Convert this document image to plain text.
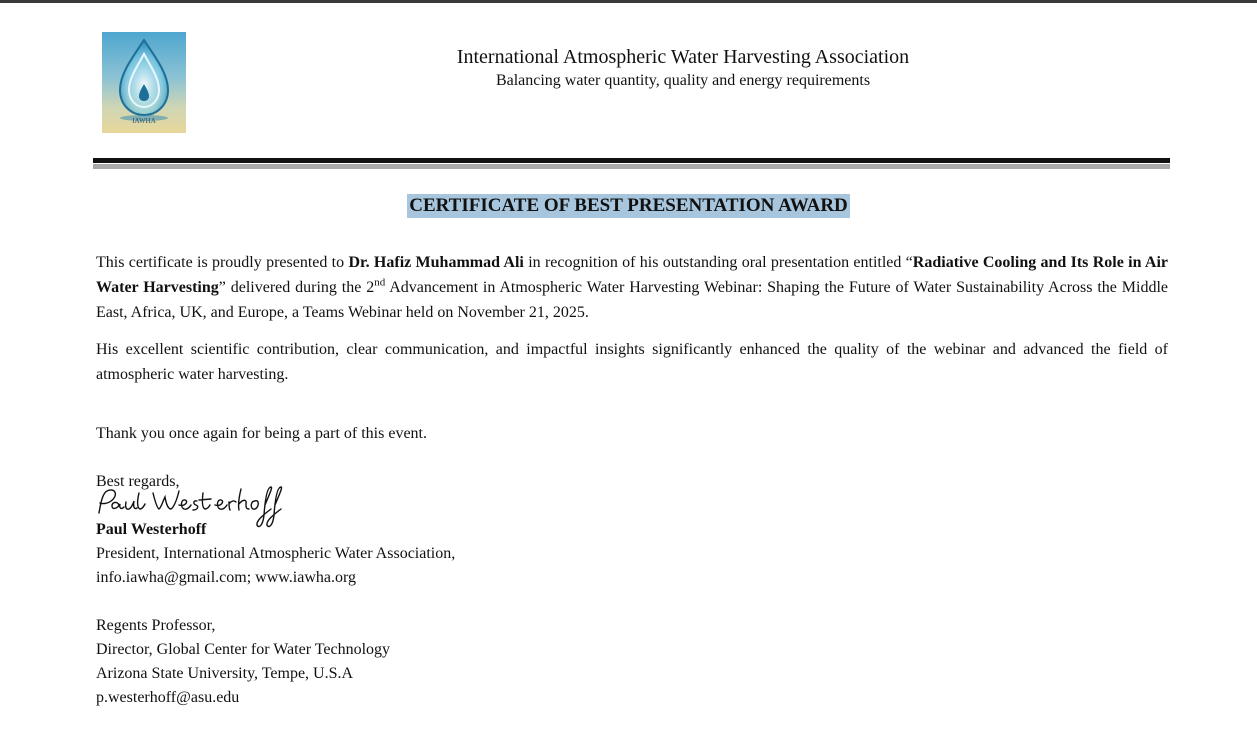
IAWHA
International Atmospheric Water Harvesting Association
Balancing water quantity, quality and energy requirements
CERTIFICATE OF BEST PRESENTATION AWARD

This certificate is proudly presented to Dr. Hafiz Muhammad Ali in recognition of his outstanding oral presentation entitled “Radiative Cooling and Its Role in Air Water Harvesting” delivered during the 2nd Advancement in Atmospheric Water Harvesting Webinar: Shaping the Future of Water Sustainability Across the Middle East, Africa, UK, and Europe, a Teams Webinar held on November 21, 2025.

His excellent scientific contribution, clear communication, and impactful insights significantly enhanced the quality of the webinar and advanced the field of atmospheric water harvesting.

Thank you once again for being a part of this event.
Best regards,
Paul Westerhoff
President, International Atmospheric Water Association,
info.iawha@gmail.com; www.iawha.org
Regents Professor,
Director, Global Center for Water Technology
Arizona State University, Tempe, U.S.A
p.westerhoff@asu.edu
